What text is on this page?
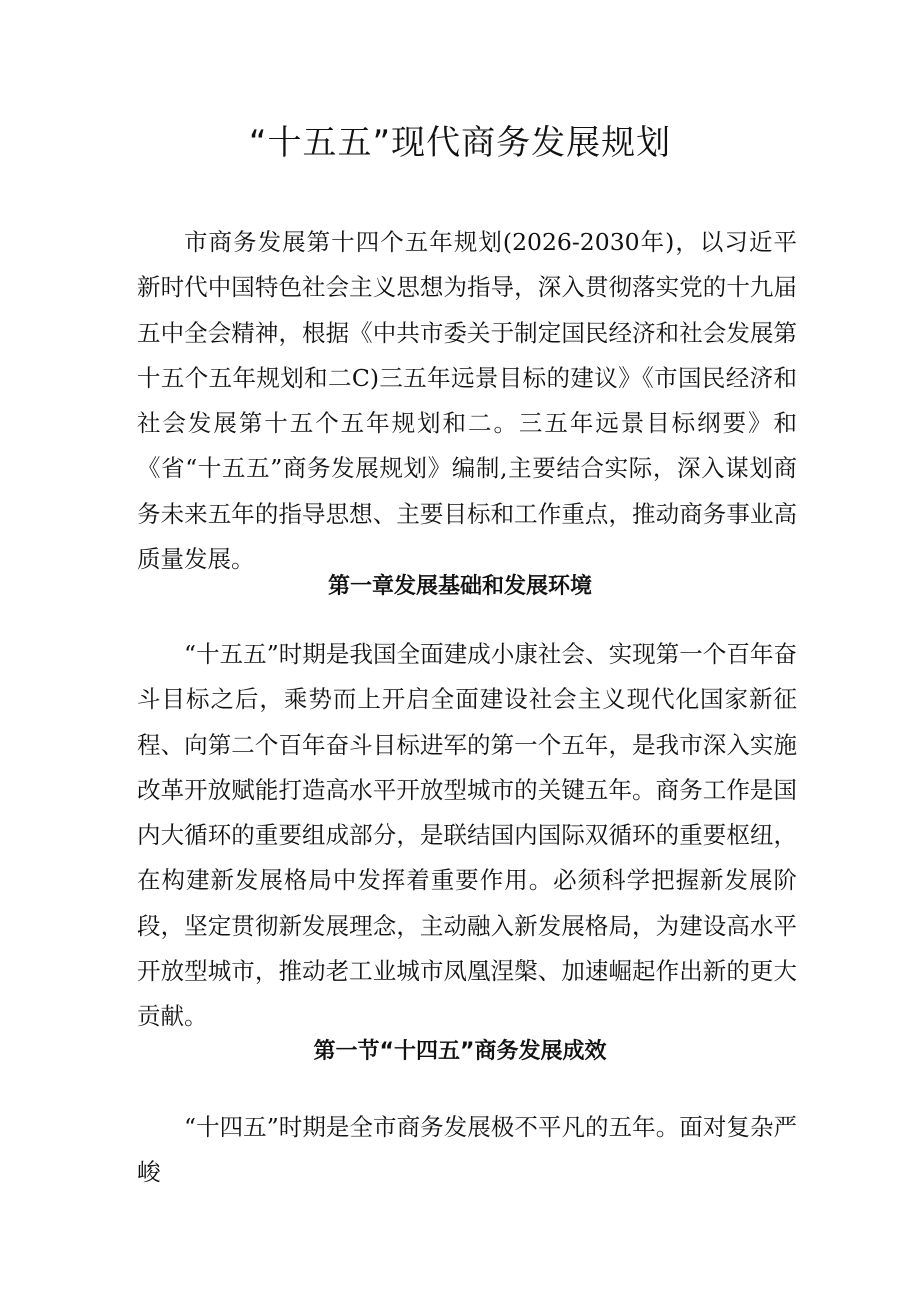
“十五五”现代商务发展规划

市商务发展第十四个五年规划(2026-2030年)，以习近平新时代中国特色社会主义思想为指导，深入贯彻落实党的十九届五中全会精神，根据《中共市委关于制定国民经济和社会发展第十五个五年规划和二C)三五年远景目标的建议》《市国民经济和社会发展第十五个五年规划和二。三五年远景目标纲要》和《省“十五五”商务发展规划》编制,主要结合实际，深入谋划商务未来五年的指导思想、主要目标和工作重点，推动商务事业高质量发展。

第一章发展基础和发展环境

“十五五”时期是我国全面建成小康社会、实现第一个百年奋斗目标之后，乘势而上开启全面建设社会主义现代化国家新征程、向第二个百年奋斗目标进军的第一个五年，是我市深入实施改革开放赋能打造高水平开放型城市的关键五年。商务工作是国内大循环的重要组成部分，是联结国内国际双循环的重要枢纽，在构建新发展格局中发挥着重要作用。必须科学把握新发展阶段，坚定贯彻新发展理念，主动融入新发展格局，为建设高水平开放型城市，推动老工业城市凤凰涅槃、加速崛起作出新的更大贡献。

第一节“十四五”商务发展成效

“十四五”时期是全市商务发展极不平凡的五年。面对复杂严峻
